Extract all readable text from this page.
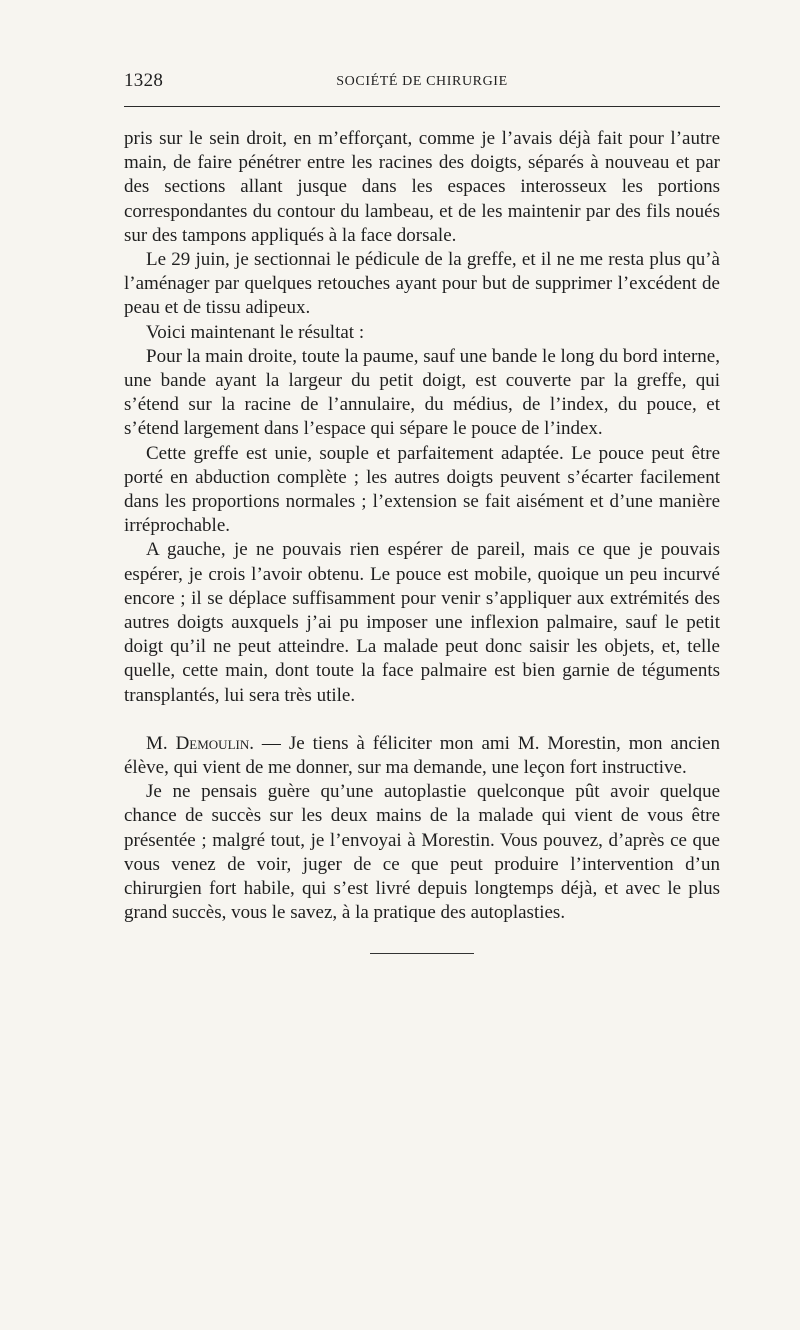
1328	SOCIÉTÉ DE CHIRURGIE

pris sur le sein droit, en m’efforçant, comme je l’avais déjà fait pour l’autre main, de faire pénétrer entre les racines des doigts, séparés à nouveau et par des sections allant jusque dans les espaces interosseux les portions correspondantes du contour du lambeau, et de les maintenir par des fils noués sur des tampons appliqués à la face dorsale.

Le 29 juin, je sectionnai le pédicule de la greffe, et il ne me resta plus qu’à l’aménager par quelques retouches ayant pour but de supprimer l’excédent de peau et de tissu adipeux.

Voici maintenant le résultat :

Pour la main droite, toute la paume, sauf une bande le long du bord interne, une bande ayant la largeur du petit doigt, est couverte par la greffe, qui s’étend sur la racine de l’annulaire, du médius, de l’index, du pouce, et s’étend largement dans l’espace qui sépare le pouce de l’index.

Cette greffe est unie, souple et parfaitement adaptée. Le pouce peut être porté en abduction complète ; les autres doigts peuvent s’écarter facilement dans les proportions normales ; l’extension se fait aisément et d’une manière irréprochable.

A gauche, je ne pouvais rien espérer de pareil, mais ce que je pouvais espérer, je crois l’avoir obtenu. Le pouce est mobile, quoique un peu incurvé encore ; il se déplace suffisamment pour venir s’appliquer aux extrémités des autres doigts auxquels j’ai pu imposer une inflexion palmaire, sauf le petit doigt qu’il ne peut atteindre. La malade peut donc saisir les objets, et, telle quelle, cette main, dont toute la face palmaire est bien garnie de téguments transplantés, lui sera très utile.

M. Demoulin. — Je tiens à féliciter mon ami M. Morestin, mon ancien élève, qui vient de me donner, sur ma demande, une leçon fort instructive.

Je ne pensais guère qu’une autoplastie quelconque pût avoir quelque chance de succès sur les deux mains de la malade qui vient de vous être présentée ; malgré tout, je l’envoyai à Morestin. Vous pouvez, d’après ce que vous venez de voir, juger de ce que peut produire l’intervention d’un chirurgien fort habile, qui s’est livré depuis longtemps déjà, et avec le plus grand succès, vous le savez, à la pratique des autoplasties.
